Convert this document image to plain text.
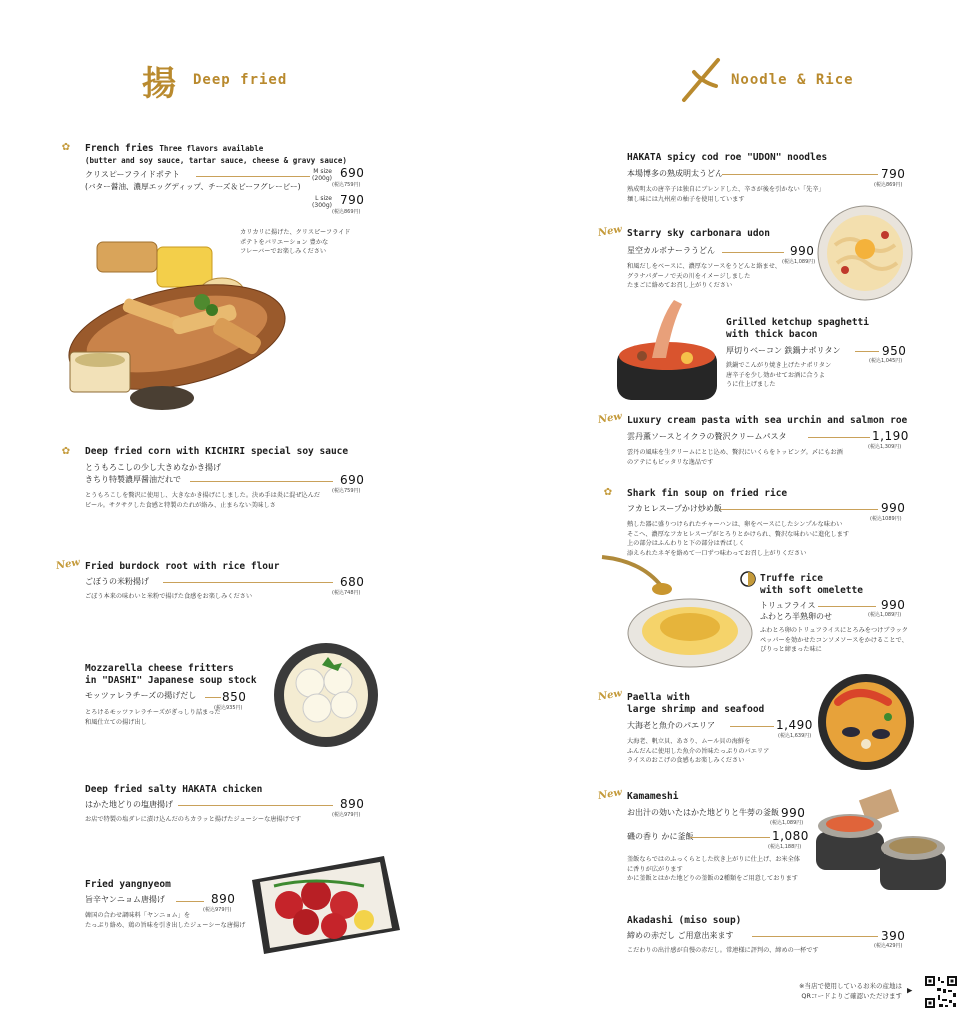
揚 Deep fried
✿ French fries Three flavors available
(butter and soy sauce, tartar sauce, cheese & gravy sauce)
クリスピーフライドポテト	M size
(200g) 690
(税込759円)
(バター醤油、濃厚エッグディップ、チーズ＆ビーフグレービー)
L size
(300g) 790
(税込869円)
カリカリに揚げた、クリスピーフライド
ポテトをバリエーション 豊かな
フレーバーでお楽しみください
✿ Deep fried corn with KICHIRI special soy sauce
とうもろこしの少し大きめなかき揚げ
きちり特製濃厚醤油だれで	690
(税込759円)
とうもろこしを贅沢に使用し、大きなかき揚げにしました。決め手は炎に混ぜ込んだ
ビール。サクサクした食感と特製のたれが絡み、止まらない美味しさ
New Fried burdock root with rice flour
ごぼうの米粉揚げ	680
(税込748円)
ごぼう本来の味わいと米粉で揚げた食感をお楽しみください
Mozzarella cheese fritters
in "DASHI" Japanese soup stock
モッツァレラチーズの揚げだし 850
(税込935円)
とろけるモッツァレラチーズがぎっしり詰まった
和風仕立ての揚げ出し
Deep fried salty HAKATA chicken
はかた地どりの塩唐揚げ	890
(税込979円)
お店で特製の塩ダレに漬け込んだのちカラッと揚げたジューシーな唐揚げです
Fried yangnyeom
旨辛ヤンニョム唐揚げ	890
(税込979円)
韓国の合わせ調味料「ヤンニョム」を
たっぷり絡め、鶏の旨味を引き出したジューシーな唐揚げ
Noodle & Rice
HAKATA spicy cod roe "UDON" noodles
本場博多の熟成明太うどん	790
(税込869円)
熟成明太の唐辛子は独自にブレンドした、辛さが後を引かない「先辛」
麺し味には九州産の柚子を使用しています
New Starry sky carbonara udon
星空カルボナーラうどん	990
(税込1,089円)
和風だしをベースに、濃厚なソースをうどんと絡ませ、
グラナパダーノで天の川をイメージしました
たまごに絡めてお召し上がりください
Grilled ketchup spaghetti
with thick bacon
厚切りベーコン 鉄鍋ナポリタン	950
(税込1,045円)
鉄鍋でこんがり焼き上げたナポリタン
唐辛子を少し効かせてお酒に合うよ
うに仕上げました
New Luxury cream pasta with sea urchin and salmon roe
雲丹薫ソースとイクラの贅沢クリームパスタ	1,190
(税込1,309円)
雲丹の風味を生クリームにとじ込め、贅沢にいくらをトッピング。〆にもお酒
のアテにもピッタリな逸品です
✿ Shark fin soup on fried rice
フカヒレスープかけ炒め飯	990
(税込1089円)
熱した器に盛りつけられたチャーハンは、卵をベースにしたシンプルな味わい
そこへ、濃厚なフカヒレスープがとろりとかけられ、贅沢な味わいに進化します
上の部分はふんわりと下の部分は香ばしく
添えられたネギを絡めて一口ずつ味わってお召し上がりください
Truffe rice
with soft omelette
トリュフライス
ふわとろ半熟卵のせ
990
(税込1,089円)
ふわとろ卵のトリュフライスにとろみをつけブラック
ペッパーを効かせたコンソメソースをかけることで、
ぴりっと締まった味に
New Paella with
large shrimp and seafood
大海老と魚介のパエリア	1,490
(税込1,639円)
大海老、帆立貝、あさり、ムール貝の海鮮を
ふんだんに使用した魚介の旨味たっぷりのパエリア
ライスのおこげの食感もお楽しみください
New Kamameshi
お出汁の効いたはかた地どりと牛蒡の釜飯 990
(税込1,089円)
磯の香り かに釜飯	1,080
(税込1,188円)
釜飯ならではのふっくらとした炊き上がりに仕上げ、お米全体
に香りが広がります
かに釜飯とはかた地どりの釜飯の2種類をご用意しております
Akadashi (miso soup)
締めの赤だし ご用意出来ます	390
(税込429円)
こだわりの出汁感が自慢の赤だし。常連様に評判の、締めの一杯です
※当店で使用しているお米の産地は
QRコードよりご確認いただけます ▶
